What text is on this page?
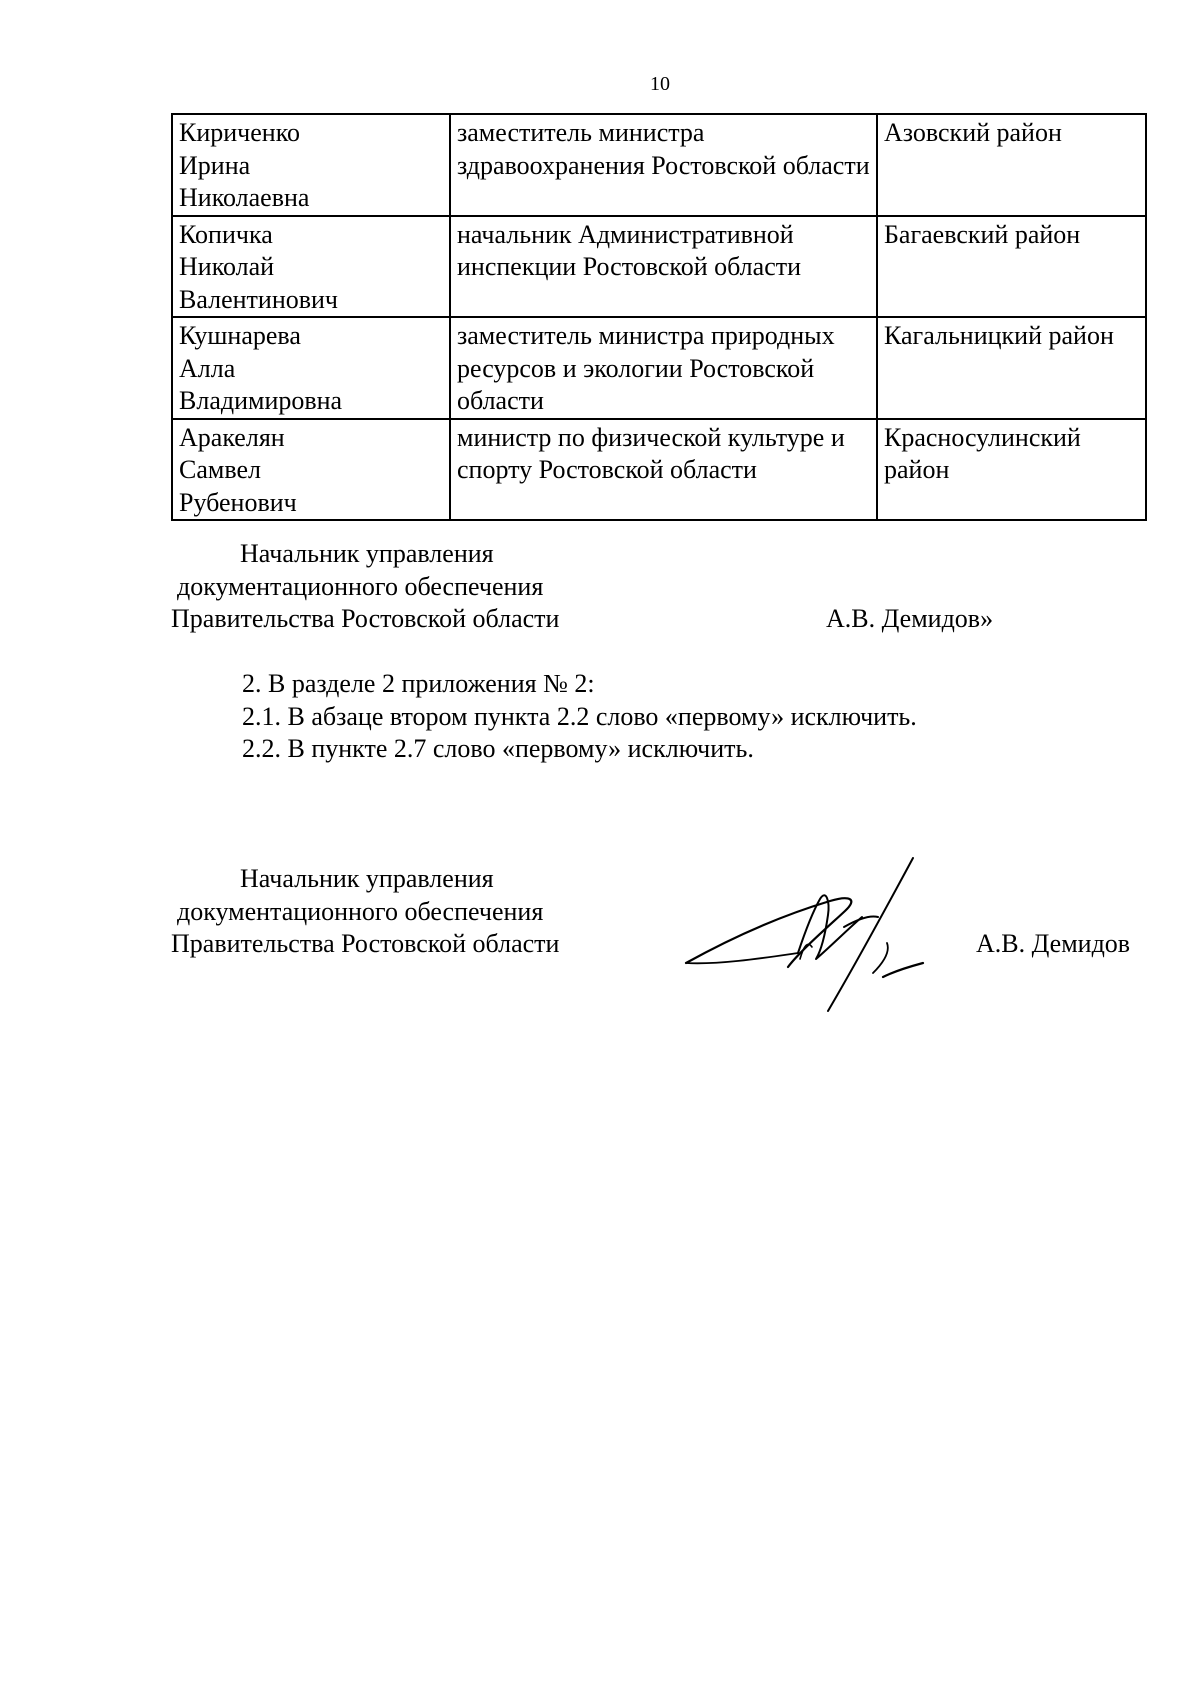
10
Кириченко
Ирина
Николаевна	заместитель министра здравоохранения Ростовской области	Азовский район

Копичка
Николай
Валентинович	начальник Административной инспекции Ростовской области	Багаевский район

Кушнарева
Алла
Владимировна	заместитель министра природных ресурсов и экологии Ростовской области	Кагальницкий район

Аракелян
Самвел
Рубенович	министр по физической культуре и спорту Ростовской области	Красносулинский район
Начальник управления
документационного обеспечения
Правительства Ростовской области	А.В. Демидов»
2. В разделе 2 приложения № 2:
2.1. В абзаце втором пункта 2.2 слово «первому» исключить.
2.2. В пункте 2.7 слово «первому» исключить.
Начальник управления
документационного обеспечения
Правительства Ростовской области	А.В. Демидов
